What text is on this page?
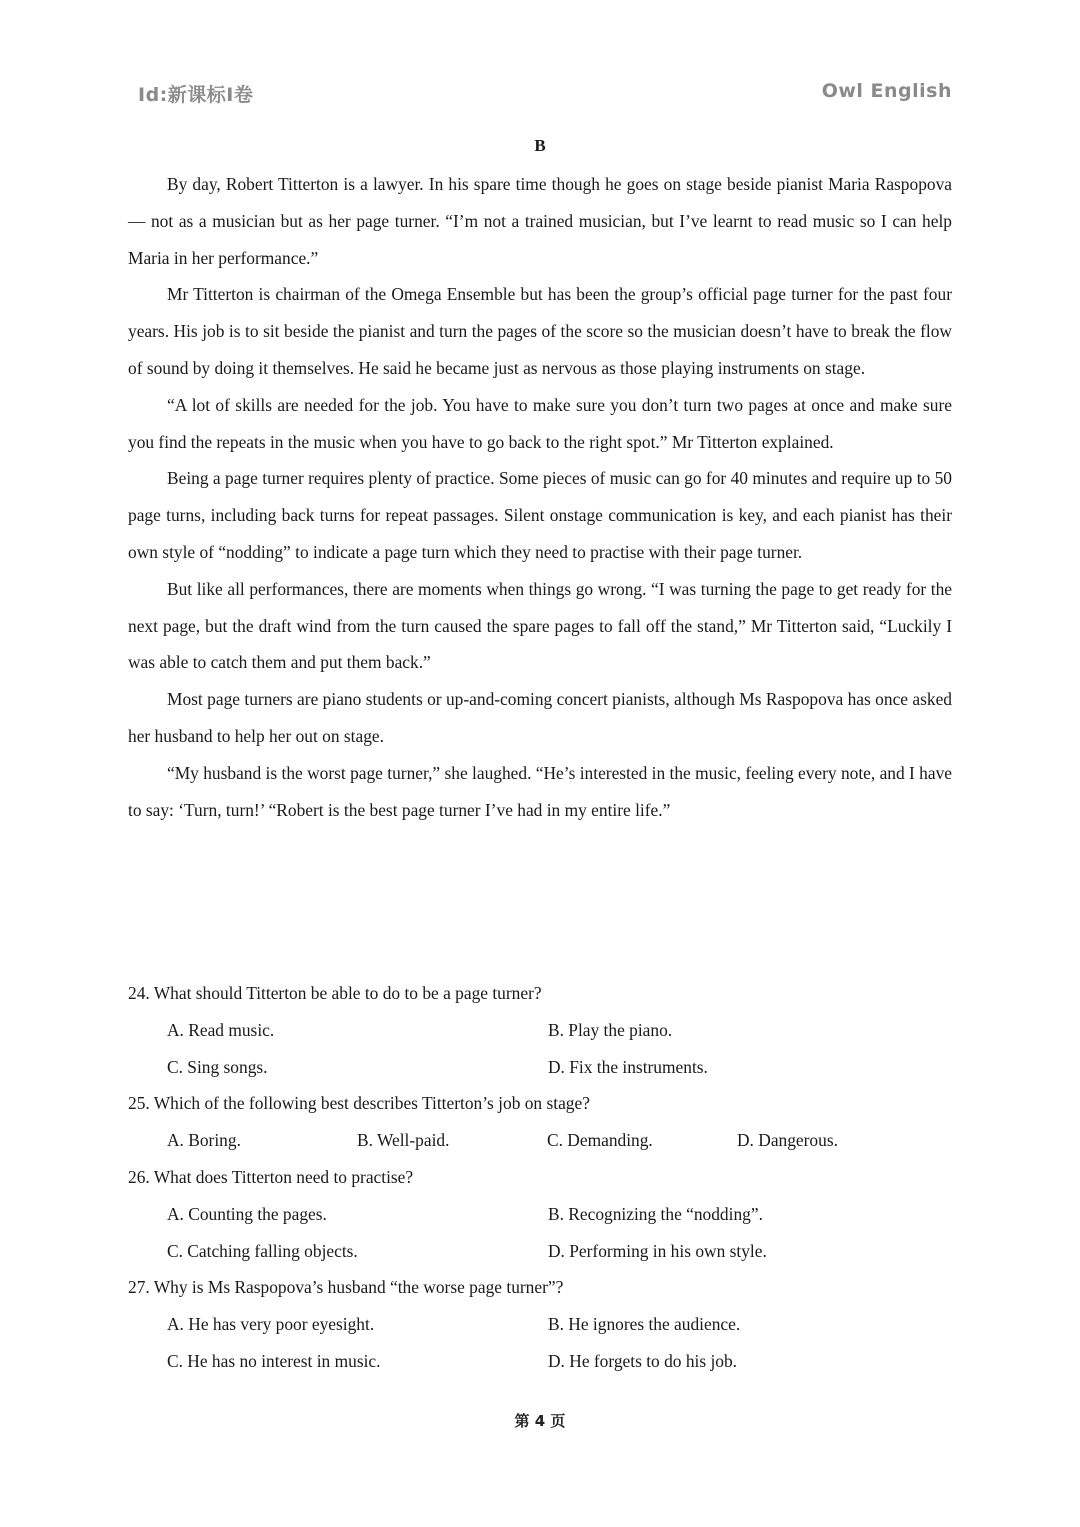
Id:新课标I卷	Owl English
B

By day, Robert Titterton is a lawyer. In his spare time though he goes on stage beside pianist Maria Raspopova — not as a musician but as her page turner. “I’m not a trained musician, but I’ve learnt to read music so I can help Maria in her performance.”

Mr Titterton is chairman of the Omega Ensemble but has been the group’s official page turner for the past four years. His job is to sit beside the pianist and turn the pages of the score so the musician doesn’t have to break the flow of sound by doing it themselves. He said he became just as nervous as those playing instruments on stage.

“A lot of skills are needed for the job. You have to make sure you don’t turn two pages at once and make sure you find the repeats in the music when you have to go back to the right spot.” Mr Titterton explained.

Being a page turner requires plenty of practice. Some pieces of music can go for 40 minutes and require up to 50 page turns, including back turns for repeat passages. Silent onstage communication is key, and each pianist has their own style of “nodding” to indicate a page turn which they need to practise with their page turner.

But like all performances, there are moments when things go wrong. “I was turning the page to get ready for the next page, but the draft wind from the turn caused the spare pages to fall off the stand,” Mr Titterton said, “Luckily I was able to catch them and put them back.”

Most page turners are piano students or up-and-coming concert pianists, although Ms Raspopova has once asked her husband to help her out on stage.

“My husband is the worst page turner,” she laughed. “He’s interested in the music, feeling every note, and I have to say: ‘Turn, turn!’ “Robert is the best page turner I’ve had in my entire life.”

24. What should Titterton be able to do to be a page turner?

A. Read music.	B. Play the piano.
C. Sing songs.	D. Fix the instruments.

25. Which of the following best describes Titterton’s job on stage?

A. Boring.	B. Well-paid.	C. Demanding.	D. Dangerous.

26. What does Titterton need to practise?

A. Counting the pages.	B. Recognizing the “nodding”.
C. Catching falling objects.	D. Performing in his own style.

27. Why is Ms Raspopova’s husband “the worse page turner”?

A. He has very poor eyesight.	B. He ignores the audience.
C. He has no interest in music.	D. He forgets to do his job.
第 4 页
